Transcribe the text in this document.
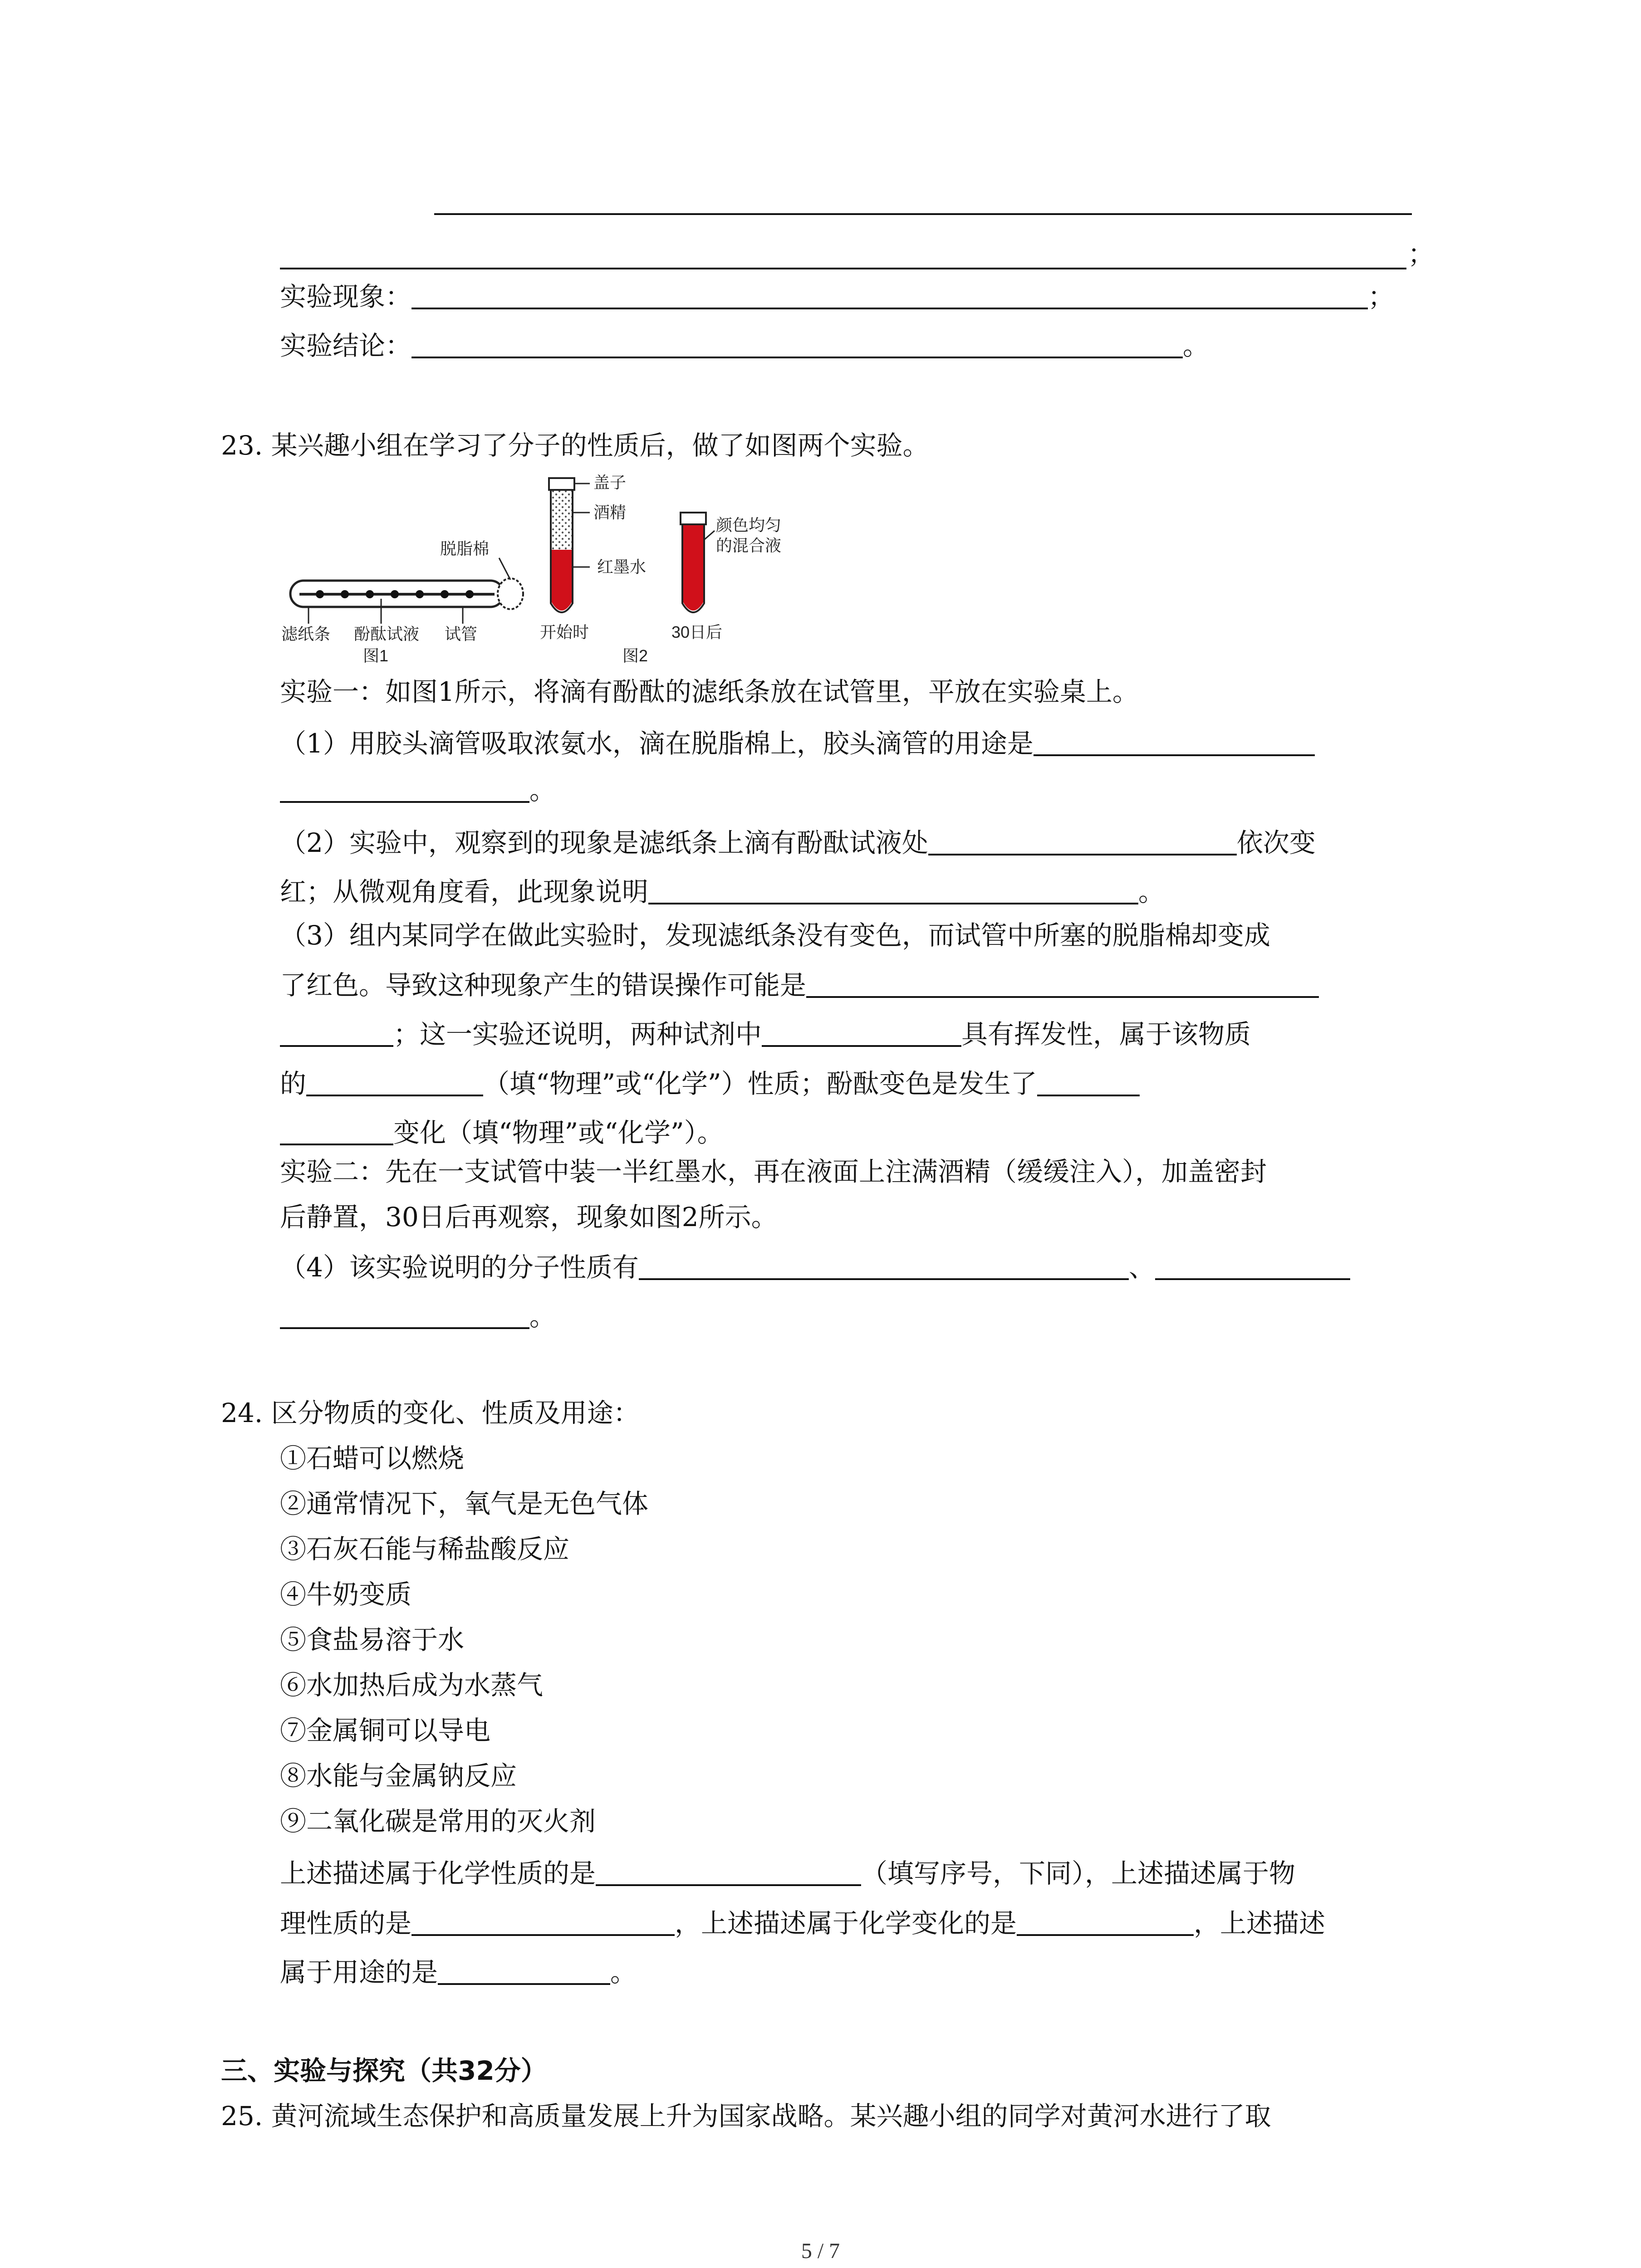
；
实验现象：	；
实验结论：	。
23. 某兴趣小组在学习了分子的性质后，做了如图两个实验。
脱脂棉
滤纸条 酚酞试液 试管
图1
盖子
酒精
红墨水
开始时
颜色均匀
的混合液
30日后
图2
实验一：如图1所示，将滴有酚酞的滤纸条放在试管里，平放在实验桌上。
（1）用胶头滴管吸取浓氨水，滴在脱脂棉上，胶头滴管的用途是
。
（2）实验中，观察到的现象是滤纸条上滴有酚酞试液处	依次变
红；从微观角度看，此现象说明	。
（3）组内某同学在做此实验时，发现滤纸条没有变色，而试管中所塞的脱脂棉却变成
了红色。导致这种现象产生的错误操作可能是
；这一实验还说明，两种试剂中	具有挥发性，属于该物质
的	（填“物理”或“化学”）性质；酚酞变色是发生了
变化（填“物理”或“化学”）。
实验二：先在一支试管中装一半红墨水，再在液面上注满酒精（缓缓注入），加盖密封
后静置，30日后再观察，现象如图2所示。
（4）该实验说明的分子性质有	、
。
24. 区分物质的变化、性质及用途：
①石蜡可以燃烧
②通常情况下，氧气是无色气体
③石灰石能与稀盐酸反应
④牛奶变质
⑤食盐易溶于水
⑥水加热后成为水蒸气
⑦金属铜可以导电
⑧水能与金属钠反应
⑨二氧化碳是常用的灭火剂
上述描述属于化学性质的是	（填写序号，下同），上述描述属于物
理性质的是	，上述描述属于化学变化的是	，上述描述
属于用途的是	。
三、实验与探究（共32分）
25. 黄河流域生态保护和高质量发展上升为国家战略。某兴趣小组的同学对黄河水进行了取
5 / 7
